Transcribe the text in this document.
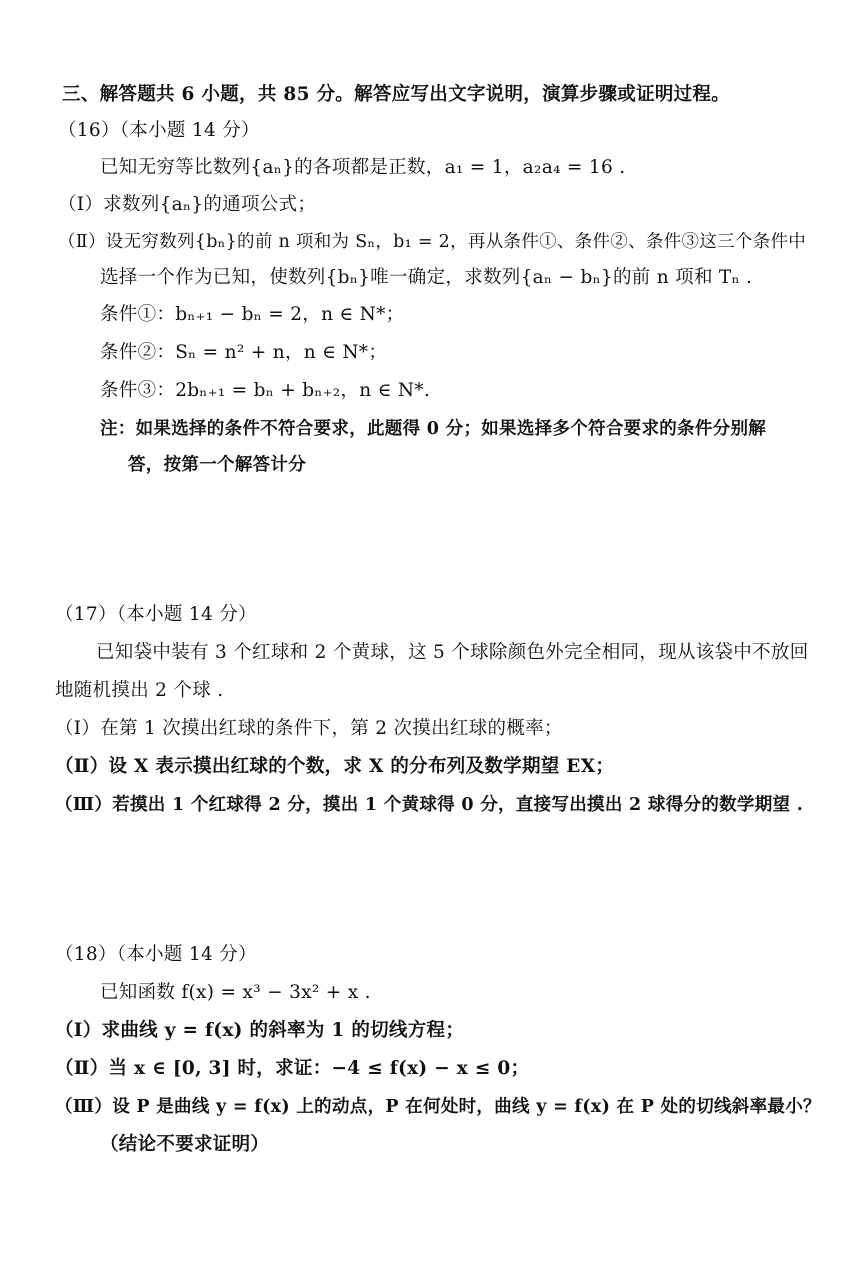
三、解答题共 6 小题，共 85 分。解答应写出文字说明，演算步骤或证明过程。
（16）（本小题 14 分）
已知无穷等比数列{aₙ}的各项都是正数，a₁ = 1，a₂a₄ = 16 .
（Ⅰ）求数列{aₙ}的通项公式；
（Ⅱ）设无穷数列{bₙ}的前 n 项和为 Sₙ，b₁ = 2，再从条件①、条件②、条件③这三个条件中
选择一个作为已知，使数列{bₙ}唯一确定，求数列{aₙ − bₙ}的前 n 项和 Tₙ .
条件①：bₙ₊₁ − bₙ = 2，n ∈ N*；
条件②：Sₙ = n² + n，n ∈ N*；
条件③：2bₙ₊₁ = bₙ + bₙ₊₂，n ∈ N*.
注：如果选择的条件不符合要求，此题得 0 分；如果选择多个符合要求的条件分别解
答，按第一个解答计分
（17）（本小题 14 分）
已知袋中装有 3 个红球和 2 个黄球，这 5 个球除颜色外完全相同，现从该袋中不放回
地随机摸出 2 个球 .
（Ⅰ）在第 1 次摸出红球的条件下，第 2 次摸出红球的概率；
（Ⅱ）设 X 表示摸出红球的个数，求 X 的分布列及数学期望 EX；
（Ⅲ）若摸出 1 个红球得 2 分，摸出 1 个黄球得 0 分，直接写出摸出 2 球得分的数学期望 .
（18）（本小题 14 分）
已知函数 f(x) = x³ − 3x² + x .
（Ⅰ）求曲线 y = f(x) 的斜率为 1 的切线方程；
（Ⅱ）当 x ∈ [0, 3] 时，求证：−4 ≤ f(x) − x ≤ 0；
（Ⅲ）设 P 是曲线 y = f(x) 上的动点，P 在何处时，曲线 y = f(x) 在 P 处的切线斜率最小？
（结论不要求证明）
